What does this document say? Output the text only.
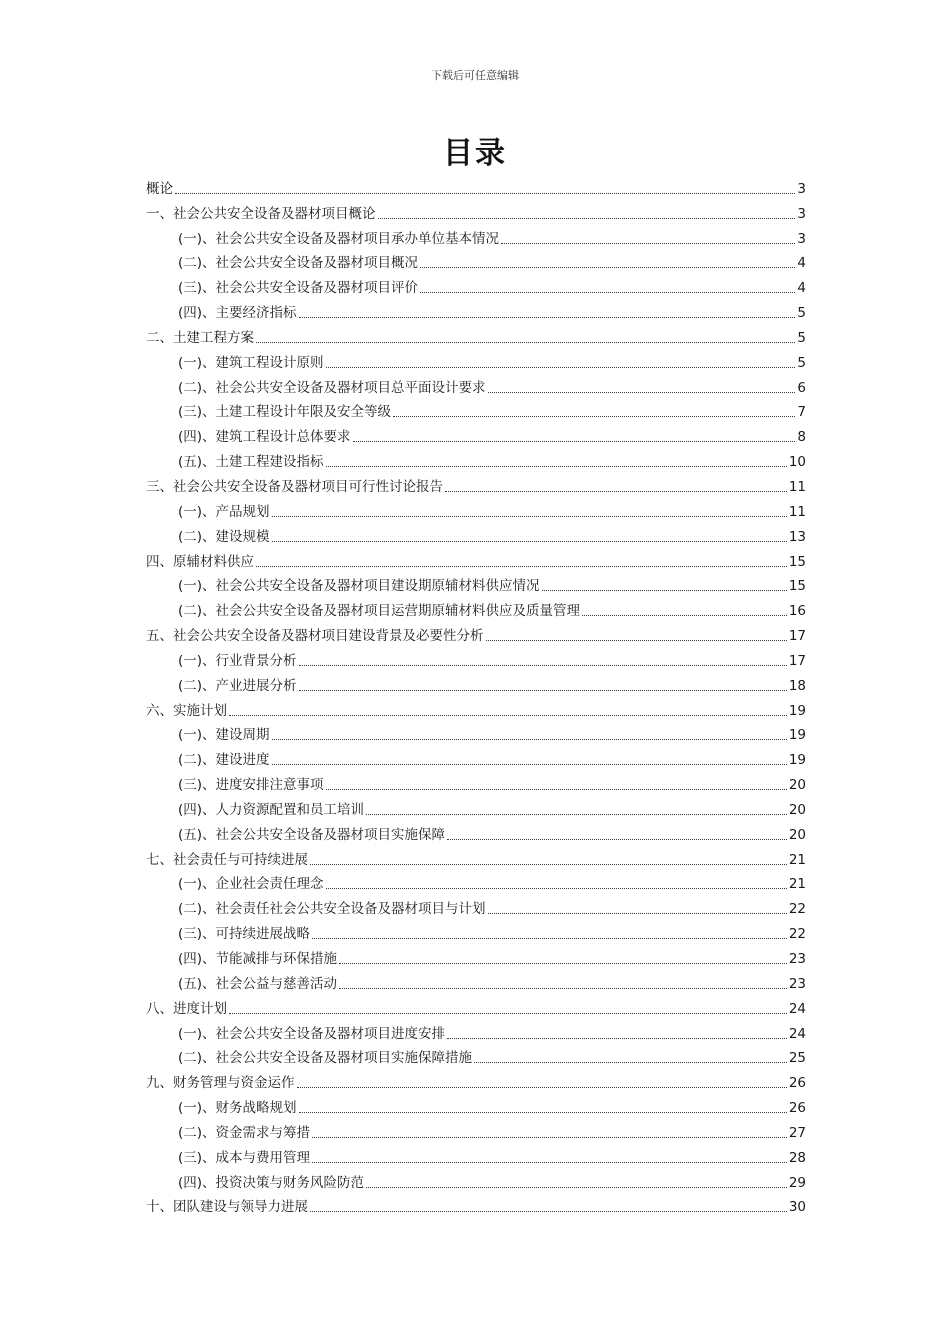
下载后可任意编辑
目录
概论	3
一、社会公共安全设备及器材项目概论	3
(一)、社会公共安全设备及器材项目承办单位基本情况	3
(二)、社会公共安全设备及器材项目概况	4
(三)、社会公共安全设备及器材项目评价	4
(四)、主要经济指标	5
二、土建工程方案	5
(一)、建筑工程设计原则	5
(二)、社会公共安全设备及器材项目总平面设计要求	6
(三)、土建工程设计年限及安全等级	7
(四)、建筑工程设计总体要求	8
(五)、土建工程建设指标	10
三、社会公共安全设备及器材项目可行性讨论报告	11
(一)、产品规划	11
(二)、建设规模	13
四、原辅材料供应	15
(一)、社会公共安全设备及器材项目建设期原辅材料供应情况	15
(二)、社会公共安全设备及器材项目运营期原辅材料供应及质量管理	16
五、社会公共安全设备及器材项目建设背景及必要性分析	17
(一)、行业背景分析	17
(二)、产业进展分析	18
六、实施计划	19
(一)、建设周期	19
(二)、建设进度	19
(三)、进度安排注意事项	20
(四)、人力资源配置和员工培训	20
(五)、社会公共安全设备及器材项目实施保障	20
七、社会责任与可持续进展	21
(一)、企业社会责任理念	21
(二)、社会责任社会公共安全设备及器材项目与计划	22
(三)、可持续进展战略	22
(四)、节能减排与环保措施	23
(五)、社会公益与慈善活动	23
八、进度计划	24
(一)、社会公共安全设备及器材项目进度安排	24
(二)、社会公共安全设备及器材项目实施保障措施	25
九、财务管理与资金运作	26
(一)、财务战略规划	26
(二)、资金需求与筹措	27
(三)、成本与费用管理	28
(四)、投资决策与财务风险防范	29
十、团队建设与领导力进展	30
